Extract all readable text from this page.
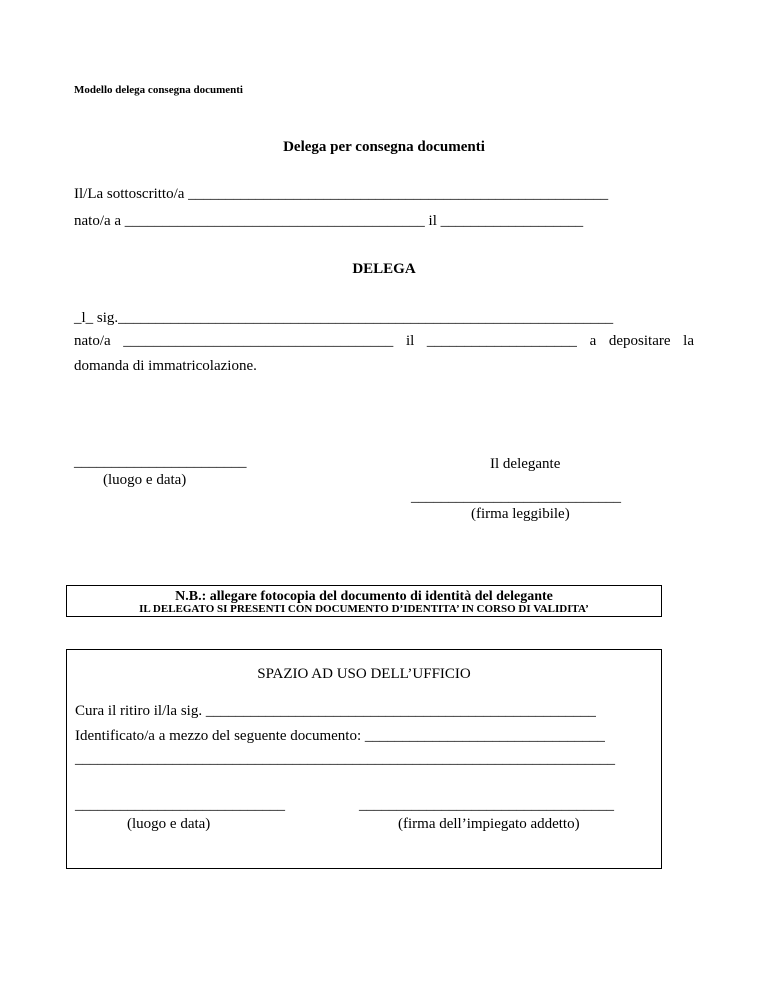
Modello delega consegna documenti
Delega per consegna documenti
Il/La sottoscritto/a ________________________________________________________
nato/a a ________________________________________ il ___________________
DELEGA
_l_ sig.__________________________________________________________________
nato/a ____________________________________ il ____________________ a depositare la
domanda di immatricolazione.
_______________________
(luogo e data)
Il delegante
____________________________
(firma leggibile)
N.B.: allegare fotocopia del documento di identità del delegante
IL DELEGATO SI PRESENTI CON DOCUMENTO D’IDENTITA’ IN CORSO DI VALIDITA’
SPAZIO AD USO DELL’UFFICIO
Cura il ritiro il/la sig. ____________________________________________________
Identificato/a a mezzo del seguente documento: ________________________________
________________________________________________________________________
____________________________
(luogo e data)
__________________________________
(firma dell’impiegato addetto)
